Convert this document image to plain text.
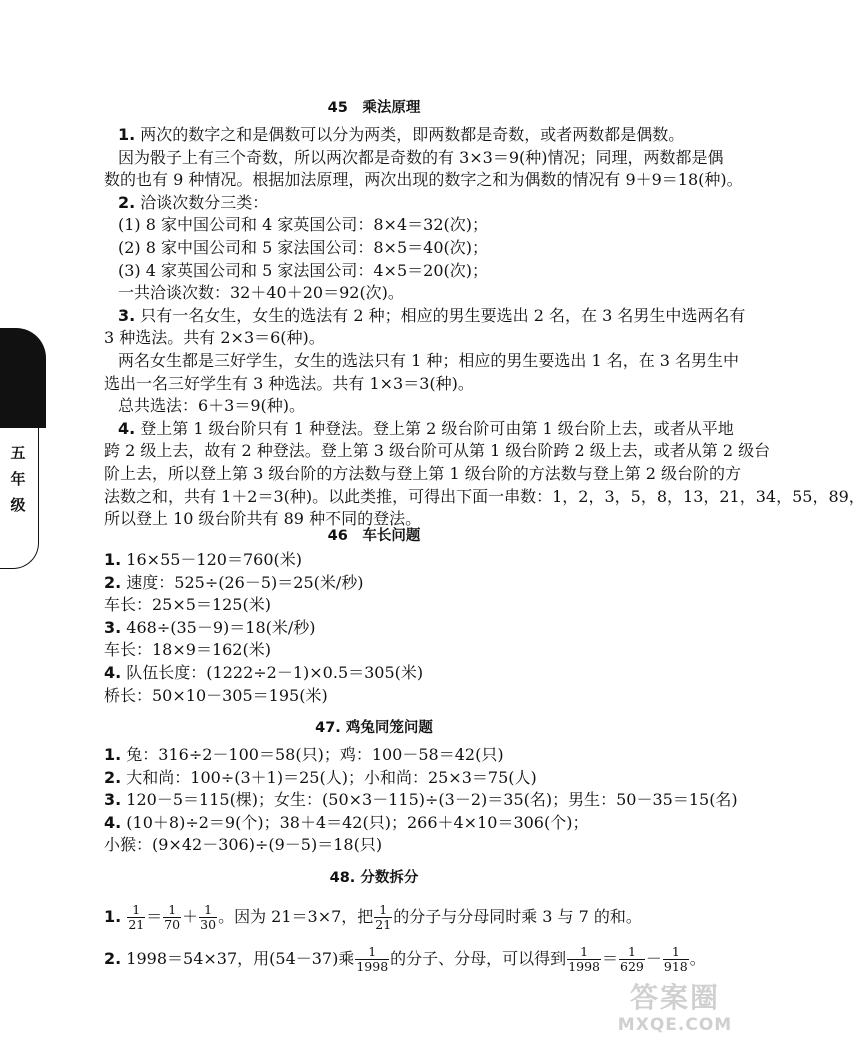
五
年
级
45　乘法原理
1. 两次的数字之和是偶数可以分为两类，即两数都是奇数，或者两数都是偶数。
因为骰子上有三个奇数，所以两次都是奇数的有 3×3＝9(种)情况；同理，两数都是偶
数的也有 9 种情况。根据加法原理，两次出现的数字之和为偶数的情况有 9＋9＝18(种)。
2. 洽谈次数分三类：
(1) 8 家中国公司和 4 家英国公司：8×4＝32(次)；
(2) 8 家中国公司和 5 家法国公司：8×5＝40(次)；
(3) 4 家英国公司和 5 家法国公司：4×5＝20(次)；
一共洽谈次数：32＋40＋20＝92(次)。
3. 只有一名女生，女生的选法有 2 种；相应的男生要选出 2 名，在 3 名男生中选两名有
3 种选法。共有 2×3＝6(种)。
两名女生都是三好学生，女生的选法只有 1 种；相应的男生要选出 1 名，在 3 名男生中
选出一名三好学生有 3 种选法。共有 1×3＝3(种)。
总共选法：6＋3＝9(种)。
4. 登上第 1 级台阶只有 1 种登法。登上第 2 级台阶可由第 1 级台阶上去，或者从平地
跨 2 级上去，故有 2 种登法。登上第 3 级台阶可从第 1 级台阶跨 2 级上去，或者从第 2 级台
阶上去，所以登上第 3 级台阶的方法数与登上第 1 级台阶的方法数与登上第 2 级台阶的方
法数之和，共有 1＋2＝3(种)。以此类推，可得出下面一串数：1，2，3，5，8，13，21，34，55，89，
所以登上 10 级台阶共有 89 种不同的登法。
46　车长问题
1. 16×55－120＝760(米)
2. 速度：525÷(26－5)＝25(米/秒)
车长：25×5＝125(米)
3. 468÷(35－9)＝18(米/秒)
车长：18×9＝162(米)
4. 队伍长度：(1222÷2－1)×0.5＝305(米)
桥长：50×10－305＝195(米)
47. 鸡兔同笼问题
1. 兔：316÷2－100＝58(只)；鸡：100－58＝42(只)
2. 大和尚：100÷(3＋1)＝25(人)；小和尚：25×3＝75(人)
3. 120－5＝115(棵)；女生：(50×3－115)÷(3－2)＝35(名)；男生：50－35＝15(名)
4. (10＋8)÷2＝9(个)；38＋4＝42(只)；266＋4×10＝306(个)；
小猴：(9×42－306)÷(9－5)＝18(只)
48. 分数拆分
1. $\frac{1}{21} = \frac{1}{70} + \frac{1}{30}$ 。因为 21＝3×7，把 $\frac{1}{21}$ 的分子与分母同时乘 3 与 7 的和。
2. 1998＝54×37，用(54－37)乘 $\frac{1}{1998}$ 的分子、分母，可以得到 $\frac{1}{1998} = \frac{1}{629} - \frac{1}{918}$ 。
答案圈
MXQE.COM
